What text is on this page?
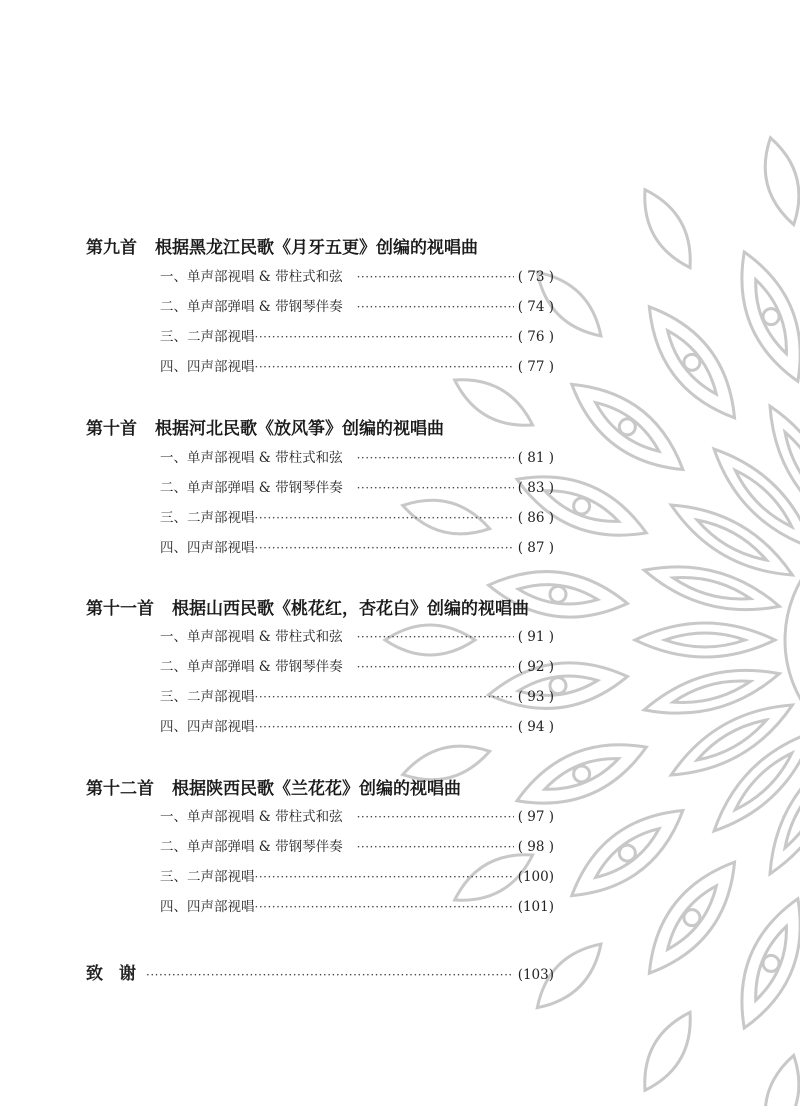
第九首 根据黑龙江民歌《月牙五更》创编的视唱曲
一、单声部视唱 & 带柱式和弦 ·····	( 73 )
二、单声部弹唱 & 带钢琴伴奏 ·····	( 74 )
三、二声部视唱 ·····	( 76 )
四、四声部视唱 ·····	( 77 )
第十首 根据河北民歌《放风筝》创编的视唱曲
一、单声部视唱 & 带柱式和弦 ·····	( 81 )
二、单声部弹唱 & 带钢琴伴奏 ·····	( 83 )
三、二声部视唱 ·····	( 86 )
四、四声部视唱 ·····	( 87 )
第十一首 根据山西民歌《桃花红，杏花白》创编的视唱曲
一、单声部视唱 & 带柱式和弦 ·····	( 91 )
二、单声部弹唱 & 带钢琴伴奏 ·····	( 92 )
三、二声部视唱 ·····	( 93 )
四、四声部视唱 ·····	( 94 )
第十二首 根据陕西民歌《兰花花》创编的视唱曲
一、单声部视唱 & 带柱式和弦 ·····	( 97 )
二、单声部弹唱 & 带钢琴伴奏 ·····	( 98 )
三、二声部视唱 ·····	(100)
四、四声部视唱 ·····	(101)
致谢 ·····	(103)
